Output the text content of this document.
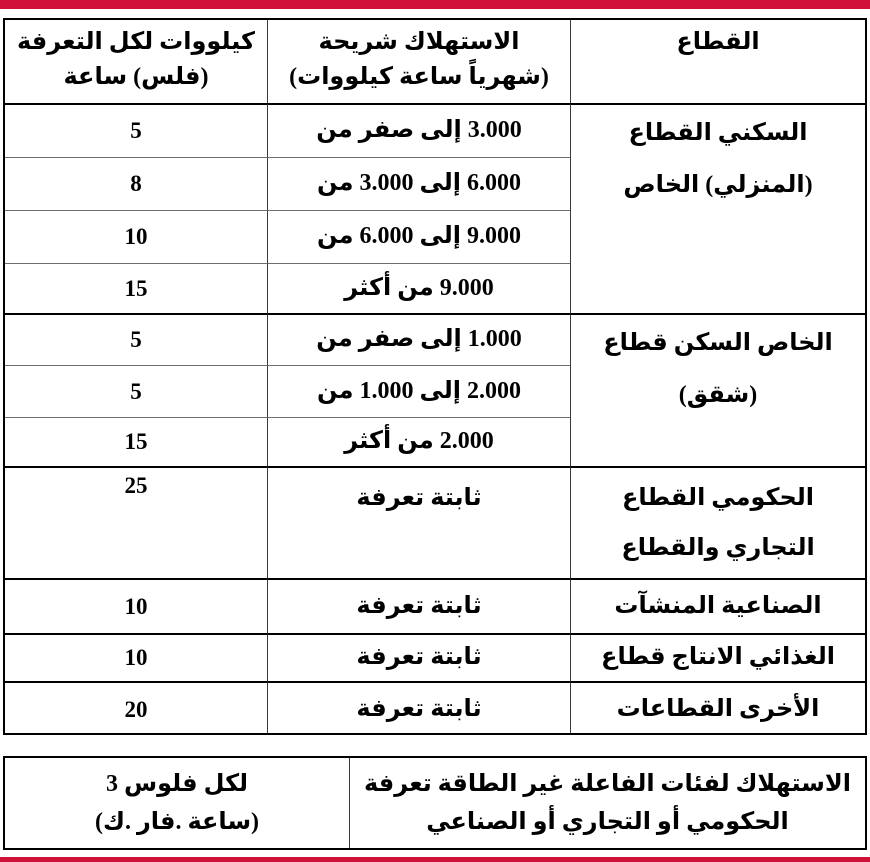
التعرفة لكل كيلووات
ساعة (فلس)
شريحة الاستهلاك
(كيلووات ساعة شهرياً)
القطاع
القطاع السكني
الخاص (المنزلي)
من صفر إلى 3.000
5
من 3.000 إلى 6.000
8
من 6.000 إلى 9.000
10
أكثر من 9.000
15
قطاع السكن الخاص
(شقق)
من صفر إلى 1.000
5
من 1.000 إلى 2.000
5
أكثر من 2.000
15
القطاع الحكومي
والقطاع التجاري
تعرفة ثابتة
25
المنشآت الصناعية
تعرفة ثابتة
10
قطاع الانتاج الغذائي
تعرفة ثابتة
10
القطاعات الأخرى
تعرفة ثابتة
20
3 فلوس لكل
(ك. فار. ساعة)
تعرفة الطاقة غير الفاعلة لفئات الاستهلاك
الصناعي أو التجاري أو الحكومي
